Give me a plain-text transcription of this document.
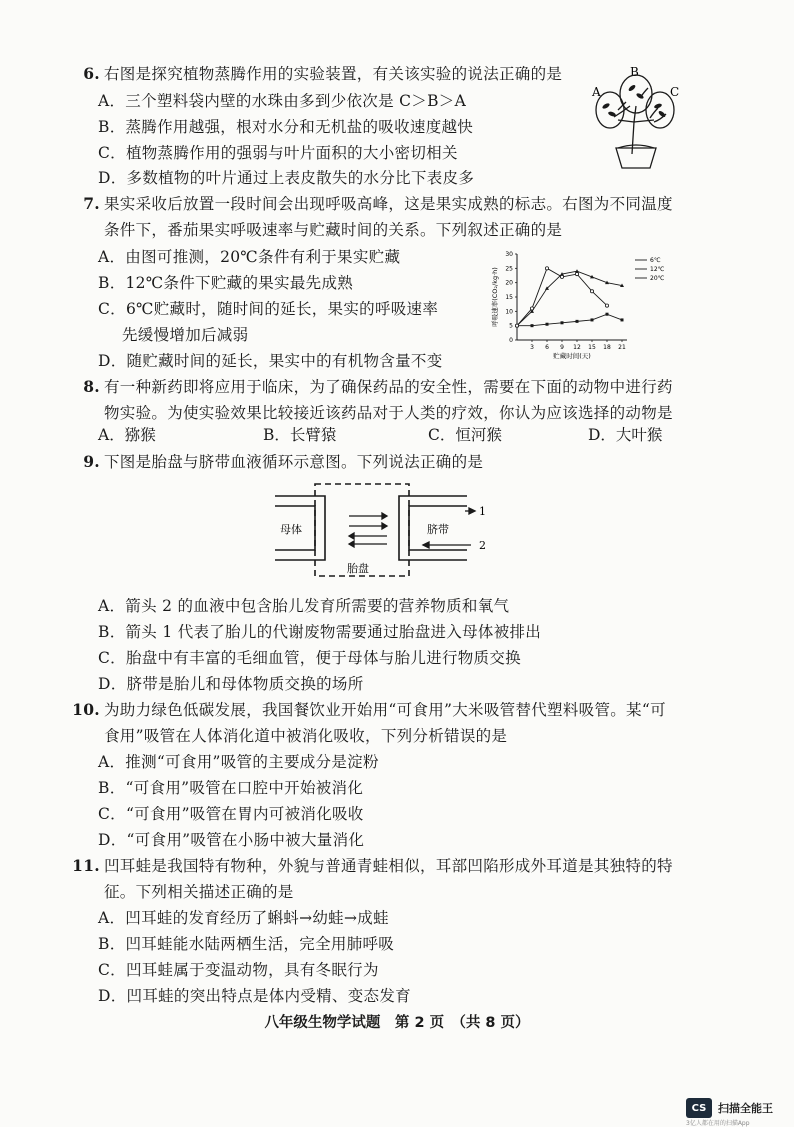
6. 右图是探究植物蒸腾作用的实验装置，有关该实验的说法正确的是
A．三个塑料袋内壁的水珠由多到少依次是 C＞B＞A
B．蒸腾作用越强，根对水分和无机盐的吸收速度越快
C．植物蒸腾作用的强弱与叶片面积的大小密切相关
D．多数植物的叶片通过上表皮散失的水分比下表皮多
A
B
C
7. 果实采收后放置一段时间会出现呼吸高峰，这是果实成熟的标志。右图为不同温度
条件下，番茄果实呼吸速率与贮藏时间的关系。下列叙述正确的是
A．由图可推测，20℃条件有利于果实贮藏
B．12℃条件下贮藏的果实最先成熟
C．6℃贮藏时，随时间的延长，果实的呼吸速率
先缓慢增加后减弱
D．随贮藏时间的延长，果实中的有机物含量不变
0
5
10
15
20
25
30
3 6 9 12 15 18 21
6℃
12℃
20℃
贮藏时间(天)
呼吸速率(CO₂/kg·h)
8. 有一种新药即将应用于临床，为了确保药品的安全性，需要在下面的动物中进行药
物实验。为使实验效果比较接近该药品对于人类的疗效，你认为应该选择的动物是
A．猕猴	B．长臂猿	C．恒河猴	D．大叶猴
9. 下图是胎盘与脐带血液循环示意图。下列说法正确的是
母体	脐带
胎盘
1
2
A．箭头 2 的血液中包含胎儿发育所需要的营养物质和氧气
B．箭头 1 代表了胎儿的代谢废物需要通过胎盘进入母体被排出
C．胎盘中有丰富的毛细血管，便于母体与胎儿进行物质交换
D．脐带是胎儿和母体物质交换的场所
10. 为助力绿色低碳发展，我国餐饮业开始用“可食用”大米吸管替代塑料吸管。某“可
食用”吸管在人体消化道中被消化吸收，下列分析错误的是
A．推测“可食用”吸管的主要成分是淀粉
B．“可食用”吸管在口腔中开始被消化
C．“可食用”吸管在胃内可被消化吸收
D．“可食用”吸管在小肠中被大量消化
11. 凹耳蛙是我国特有物种，外貌与普通青蛙相似，耳部凹陷形成外耳道是其独特的特
征。下列相关描述正确的是
A．凹耳蛙的发育经历了蝌蚪→幼蛙→成蛙
B．凹耳蛙能水陆两栖生活，完全用肺呼吸
C．凹耳蛙属于变温动物，具有冬眠行为
D．凹耳蛙的突出特点是体内受精、变态发育
八年级生物学试题　第 2 页　（共 8 页）
CS	扫描全能王
3亿人都在用的扫描App
